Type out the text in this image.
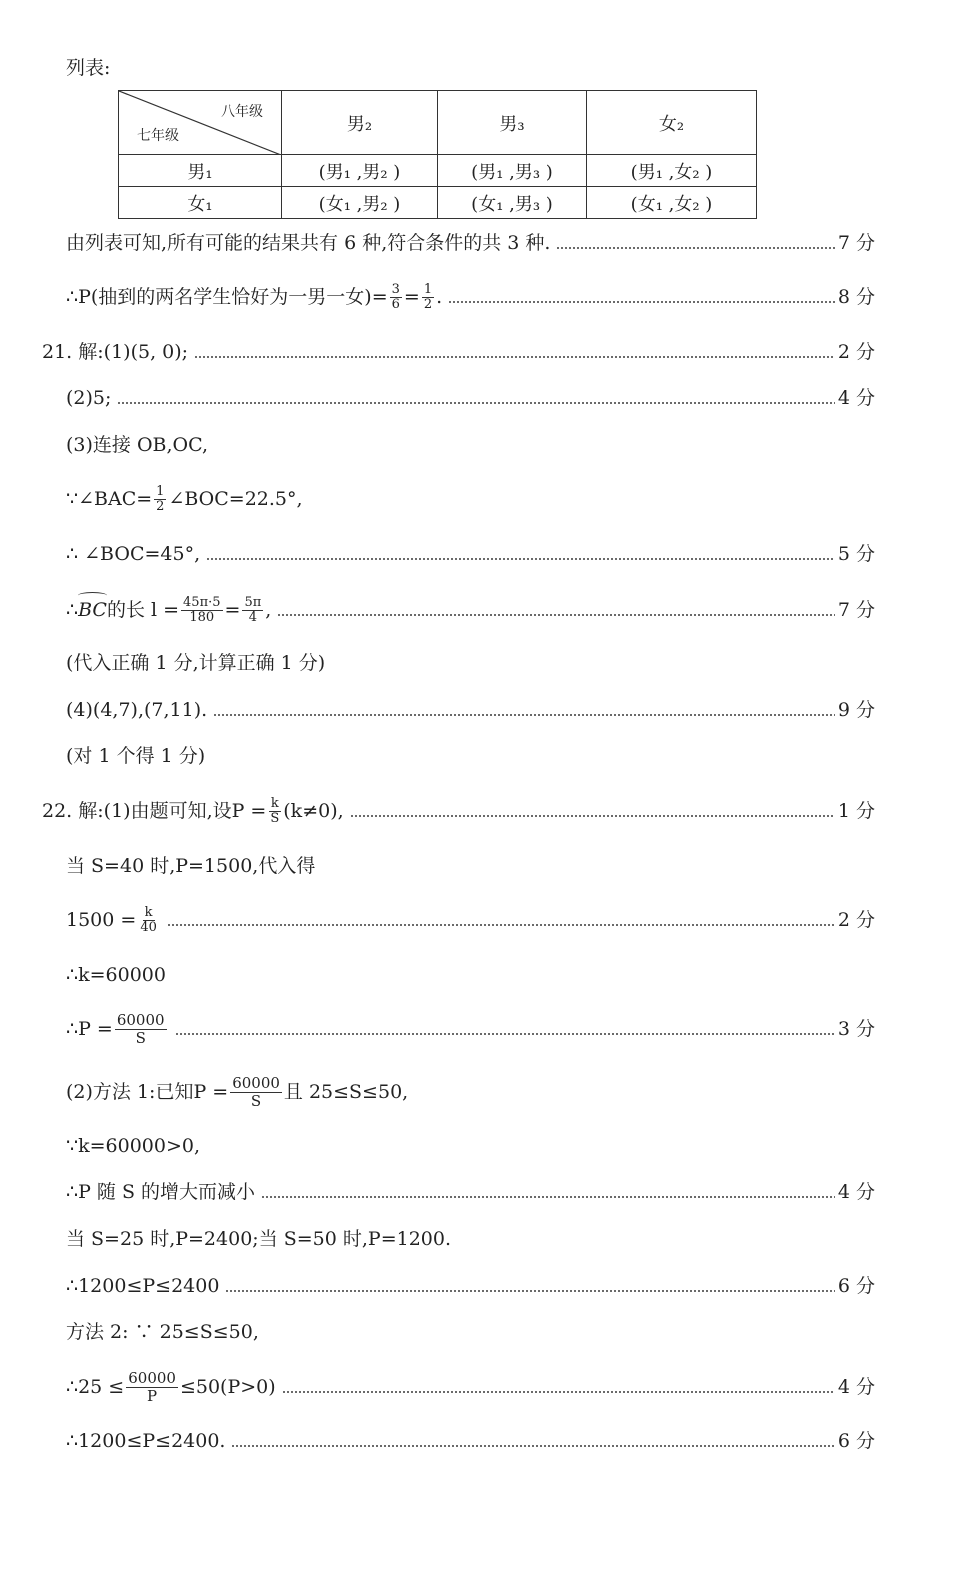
列表:
八年级
七年级	男₂	男₃	女₂
男₁	(男₁ ,男₂ )	(男₁ ,男₃ )	(男₁ ,女₂ )
女₁	(女₁ ,男₂ )	(女₁ ,男₃ )	(女₁ ,女₂ )
由列表可知,所有可能的结果共有 6 种,符合条件的共 3 种.	7 分
∴P(抽到的两名学生恰好为一男一女)= $\frac{3}{6} = \frac{1}{2}$ .	8 分
21. 解:(1)(5, 0);	2 分
(2)5;	4 分
(3)连接 OB,OC,
∵∠BAC= $\frac{1}{2}$ ∠BOC=22.5°,
∴ ∠BOC=45°,	5 分
∴ BC 的长 $l = \frac{45\pi\cdot 5}{180} = \frac{5\pi}{4}$ ,	7 分
(代入正确 1 分,计算正确 1 分)
(4)(4,7),(7,11).	9 分
(对 1 个得 1 分)
22. 解:(1)由题可知,设$P = \frac{k}{S} (k\ne 0)$,	1 分
当 S=40 时,P=1500,代入得
$1500 = \frac{k}{40}$	2 分
∴k=60000
∴P = $\frac{60000}{S}$	3 分
(2)方法 1:已知$P = \frac{60000}{S}$ 且 25≤S≤50,
∵k=60000>0,
∴P 随 S 的增大而减小	4 分
当 S=25 时,P=2400;当 S=50 时,P=1200.
∴1200≤P≤2400	6 分
方法 2: ∵ 25≤S≤50,
∴25 ≤ $\frac{60000}{P} \le 50(P>0)$	4 分
∴1200≤P≤2400.	6 分
